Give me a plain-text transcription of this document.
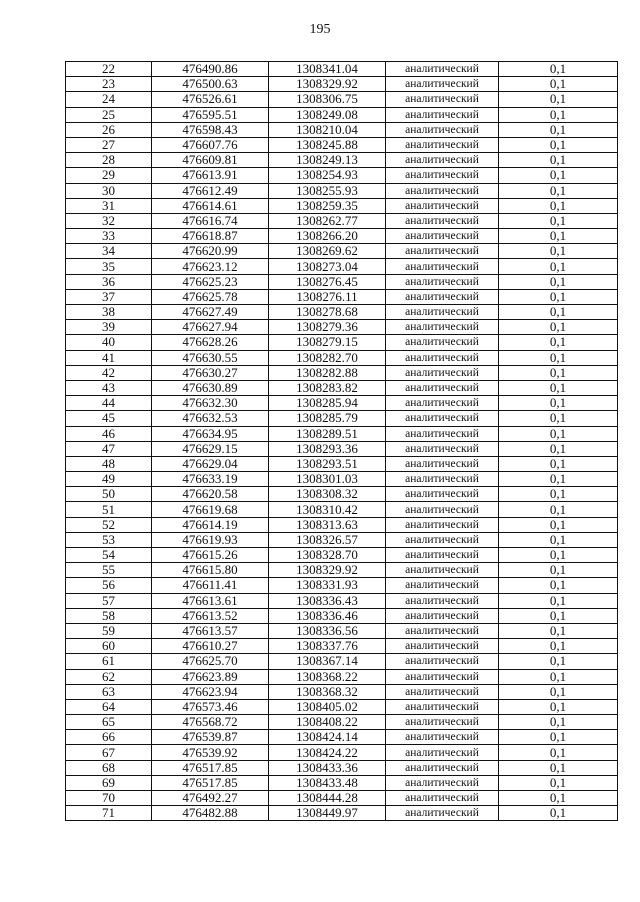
195
22	476490.86	1308341.04	аналитический	0,1
23	476500.63	1308329.92	аналитический	0,1
24	476526.61	1308306.75	аналитический	0,1
25	476595.51	1308249.08	аналитический	0,1
26	476598.43	1308210.04	аналитический	0,1
27	476607.76	1308245.88	аналитический	0,1
28	476609.81	1308249.13	аналитический	0,1
29	476613.91	1308254.93	аналитический	0,1
30	476612.49	1308255.93	аналитический	0,1
31	476614.61	1308259.35	аналитический	0,1
32	476616.74	1308262.77	аналитический	0,1
33	476618.87	1308266.20	аналитический	0,1
34	476620.99	1308269.62	аналитический	0,1
35	476623.12	1308273.04	аналитический	0,1
36	476625.23	1308276.45	аналитический	0,1
37	476625.78	1308276.11	аналитический	0,1
38	476627.49	1308278.68	аналитический	0,1
39	476627.94	1308279.36	аналитический	0,1
40	476628.26	1308279.15	аналитический	0,1
41	476630.55	1308282.70	аналитический	0,1
42	476630.27	1308282.88	аналитический	0,1
43	476630.89	1308283.82	аналитический	0,1
44	476632.30	1308285.94	аналитический	0,1
45	476632.53	1308285.79	аналитический	0,1
46	476634.95	1308289.51	аналитический	0,1
47	476629.15	1308293.36	аналитический	0,1
48	476629.04	1308293.51	аналитический	0,1
49	476633.19	1308301.03	аналитический	0,1
50	476620.58	1308308.32	аналитический	0,1
51	476619.68	1308310.42	аналитический	0,1
52	476614.19	1308313.63	аналитический	0,1
53	476619.93	1308326.57	аналитический	0,1
54	476615.26	1308328.70	аналитический	0,1
55	476615.80	1308329.92	аналитический	0,1
56	476611.41	1308331.93	аналитический	0,1
57	476613.61	1308336.43	аналитический	0,1
58	476613.52	1308336.46	аналитический	0,1
59	476613.57	1308336.56	аналитический	0,1
60	476610.27	1308337.76	аналитический	0,1
61	476625.70	1308367.14	аналитический	0,1
62	476623.89	1308368.22	аналитический	0,1
63	476623.94	1308368.32	аналитический	0,1
64	476573.46	1308405.02	аналитический	0,1
65	476568.72	1308408.22	аналитический	0,1
66	476539.87	1308424.14	аналитический	0,1
67	476539.92	1308424.22	аналитический	0,1
68	476517.85	1308433.36	аналитический	0,1
69	476517.85	1308433.48	аналитический	0,1
70	476492.27	1308444.28	аналитический	0,1
71	476482.88	1308449.97	аналитический	0,1
